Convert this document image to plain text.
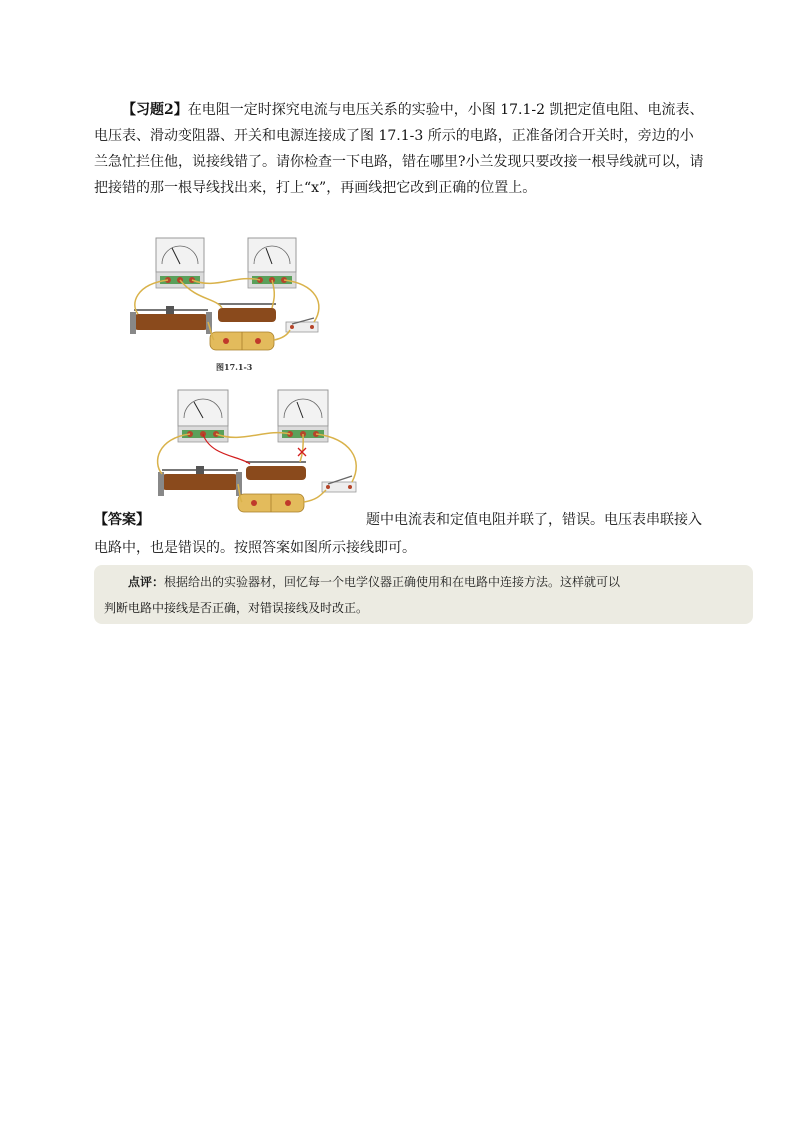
【习题2】在电阻一定时探究电流与电压关系的实验中，小图 17.1-2 凯把定值电阻、电流表、电压表、滑动变阻器、开关和电源连接成了图 17.1-3 所示的电路，正准备闭合开关时，旁边的小兰急忙拦住他，说接线错了。请你检查一下电路，错在哪里?小兰发现只要改接一根导线就可以，请把接错的那一根导线找出来，打上“x”，再画线把它改到正确的位置上。
图17.1-3
【答案】	题中电流表和定值电阻并联了，错误。电压表串联接入
电路中，也是错误的。按照答案如图所示接线即可。
点评：根据给出的实验器材，回忆每一个电学仪器正确使用和在电路中连接方法。这样就可以
判断电路中接线是否正确，对错误接线及时改正。
